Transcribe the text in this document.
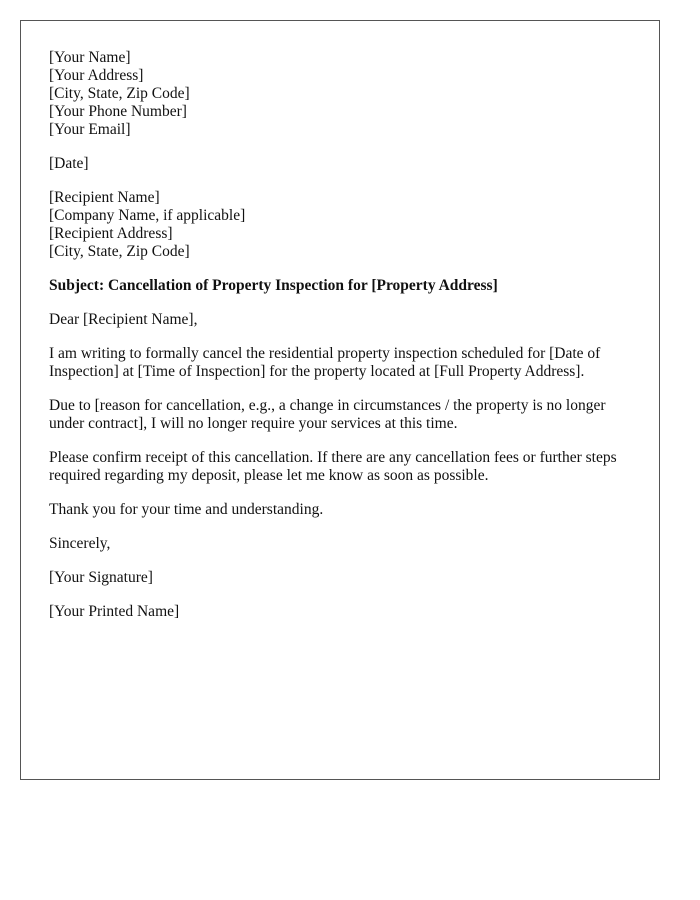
[Your Name]
[Your Address]
[City, State, Zip Code]
[Your Phone Number]
[Your Email]
[Date]
[Recipient Name]
[Company Name, if applicable]
[Recipient Address]
[City, State, Zip Code]

Subject: Cancellation of Property Inspection for [Property Address]

Dear [Recipient Name],

I am writing to formally cancel the residential property inspection scheduled for [Date of Inspection] at [Time of Inspection] for the property located at [Full Property Address].

Due to [reason for cancellation, e.g., a change in circumstances / the property is no longer under contract], I will no longer require your services at this time.

Please confirm receipt of this cancellation. If there are any cancellation fees or further steps required regarding my deposit, please let me know as soon as possible.

Thank you for your time and understanding.

Sincerely,

[Your Signature]

[Your Printed Name]
